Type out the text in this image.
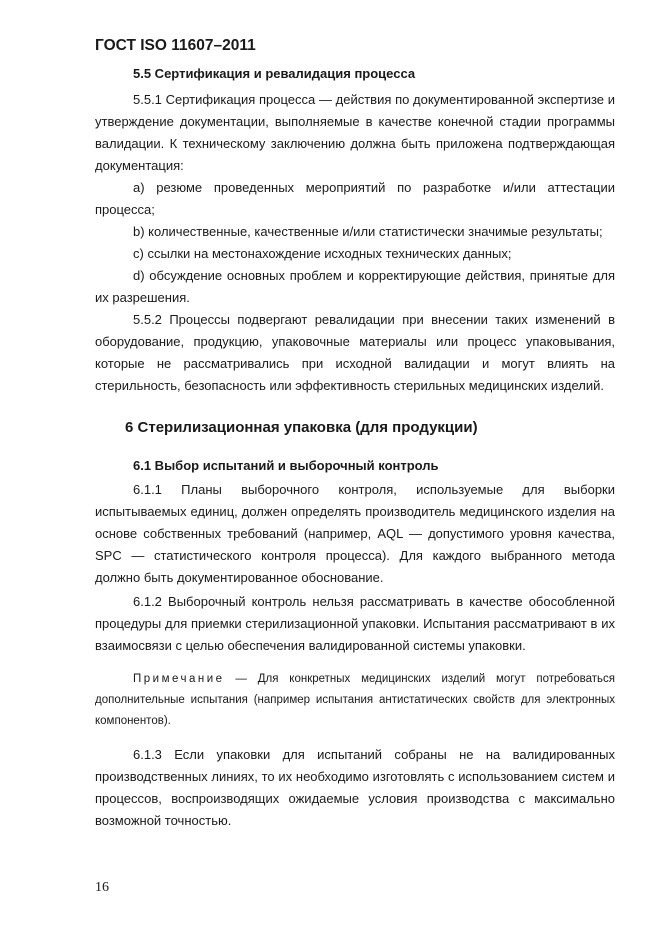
ГОСТ ISO 11607–2011

5.5 Сертификация и ревалидация процесса

5.5.1 Сертификация процесса — действия по документированной экспертизе и утверждение документации, выполняемые в качестве конечной стадии программы валидации. К техническому заключению должна быть приложена подтверждающая документация:

а) резюме проведенных мероприятий по разработке и/или аттестации процесса;

b) количественные, качественные и/или статистически значимые результаты;

с) ссылки на местонахождение исходных технических данных;

d) обсуждение основных проблем и корректирующие действия, принятые для их разрешения.

5.5.2 Процессы подвергают ревалидации при внесении таких изменений в оборудование, продукцию, упаковочные материалы или процесс упаковывания, которые не рассматривались при исходной валидации и могут влиять на стерильность, безопасность или эффективность стерильных медицинских изделий.

6 Стерилизационная упаковка (для продукции)

6.1 Выбор испытаний и выборочный контроль

6.1.1 Планы выборочного контроля, используемые для выборки испытываемых единиц, должен определять производитель медицинского изделия на основе собственных требований (например, AQL — допустимого уровня качества, SPC — статистического контроля процесса). Для каждого выбранного метода должно быть документированное обоснование.

6.1.2 Выборочный контроль нельзя рассматривать в качестве обособленной процедуры для приемки стерилизационной упаковки. Испытания рассматривают в их взаимосвязи с целью обеспечения валидированной системы упаковки.

Примечание — Для конкретных медицинских изделий могут потребоваться дополнительные испытания (например испытания антистатических свойств для электронных компонентов).

6.1.3 Если упаковки для испытаний собраны не на валидированных производственных линиях, то их необходимо изготовлять с использованием систем и процессов, воспроизводящих ожидаемые условия производства с максимально возможной точностью.

16
